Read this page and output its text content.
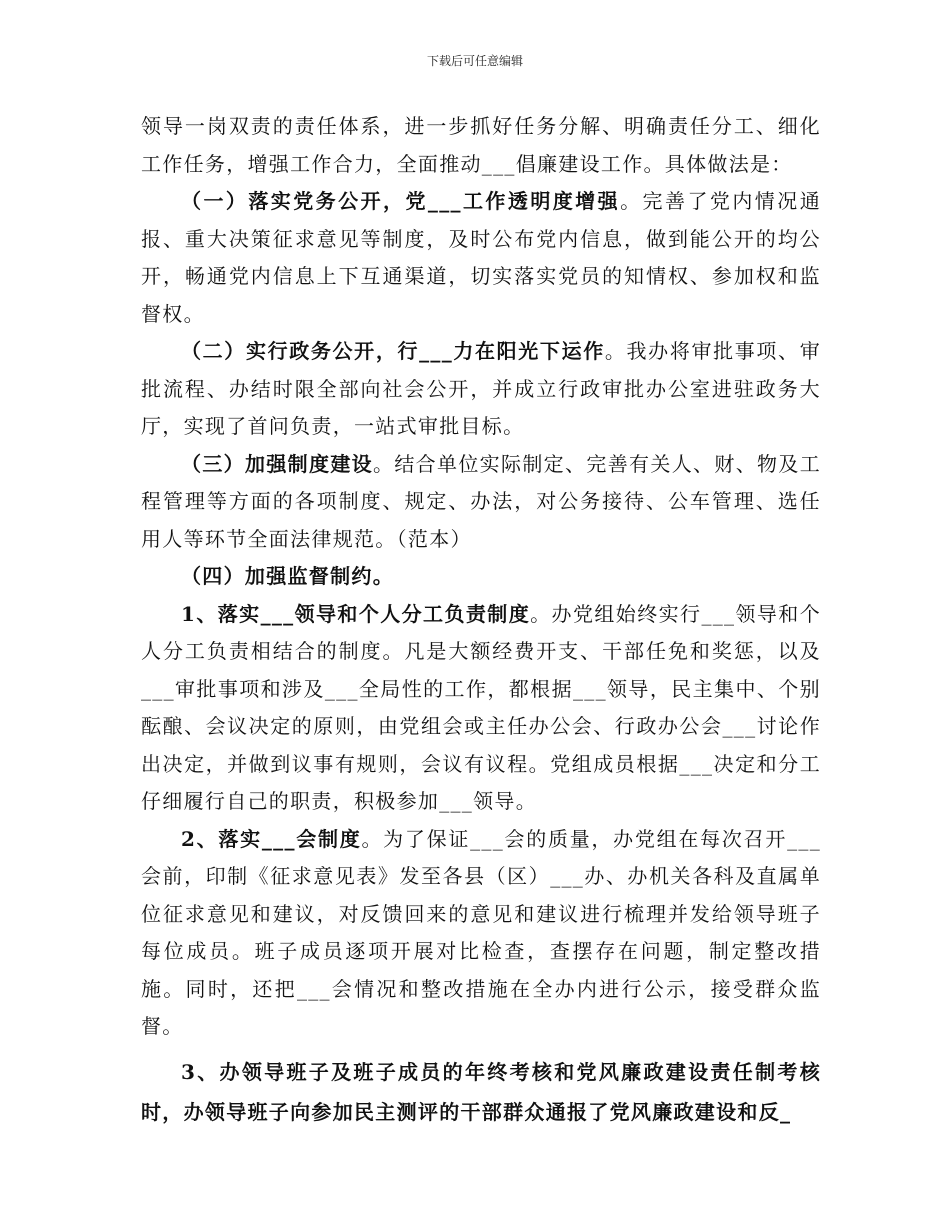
下载后可任意编辑

领导一岗双责的责任体系，进一步抓好任务分解、明确责任分工、细化工作任务，增强工作合力，全面推动___倡廉建设工作。具体做法是：

（一）落实党务公开，党___工作透明度增强。完善了党内情况通报、重大决策征求意见等制度，及时公布党内信息，做到能公开的均公开，畅通党内信息上下互通渠道，切实落实党员的知情权、参加权和监督权。

（二）实行政务公开，行___力在阳光下运作。我办将审批事项、审批流程、办结时限全部向社会公开，并成立行政审批办公室进驻政务大厅，实现了首问负责，一站式审批目标。

（三）加强制度建设。结合单位实际制定、完善有关人、财、物及工程管理等方面的各项制度、规定、办法，对公务接待、公车管理、选任用人等环节全面法律规范。（范本）

（四）加强监督制约。

1、落实___领导和个人分工负责制度。办党组始终实行___领导和个人分工负责相结合的制度。凡是大额经费开支、干部任免和奖惩，以及___审批事项和涉及___全局性的工作，都根据___领导，民主集中、个别酝酿、会议决定的原则，由党组会或主任办公会、行政办公会___讨论作出决定，并做到议事有规则，会议有议程。党组成员根据___决定和分工仔细履行自己的职责，积极参加___领导。

2、落实___会制度。为了保证___会的质量，办党组在每次召开___会前，印制《征求意见表》发至各县（区）___办、办机关各科及直属单位征求意见和建议，对反馈回来的意见和建议进行梳理并发给领导班子每位成员。班子成员逐项开展对比检查，查摆存在问题，制定整改措施。同时，还把___会情况和整改措施在全办内进行公示，接受群众监督。

3、办领导班子及班子成员的年终考核和党风廉政建设责任制考核时，办领导班子向参加民主测评的干部群众通报了党风廉政建设和反_
